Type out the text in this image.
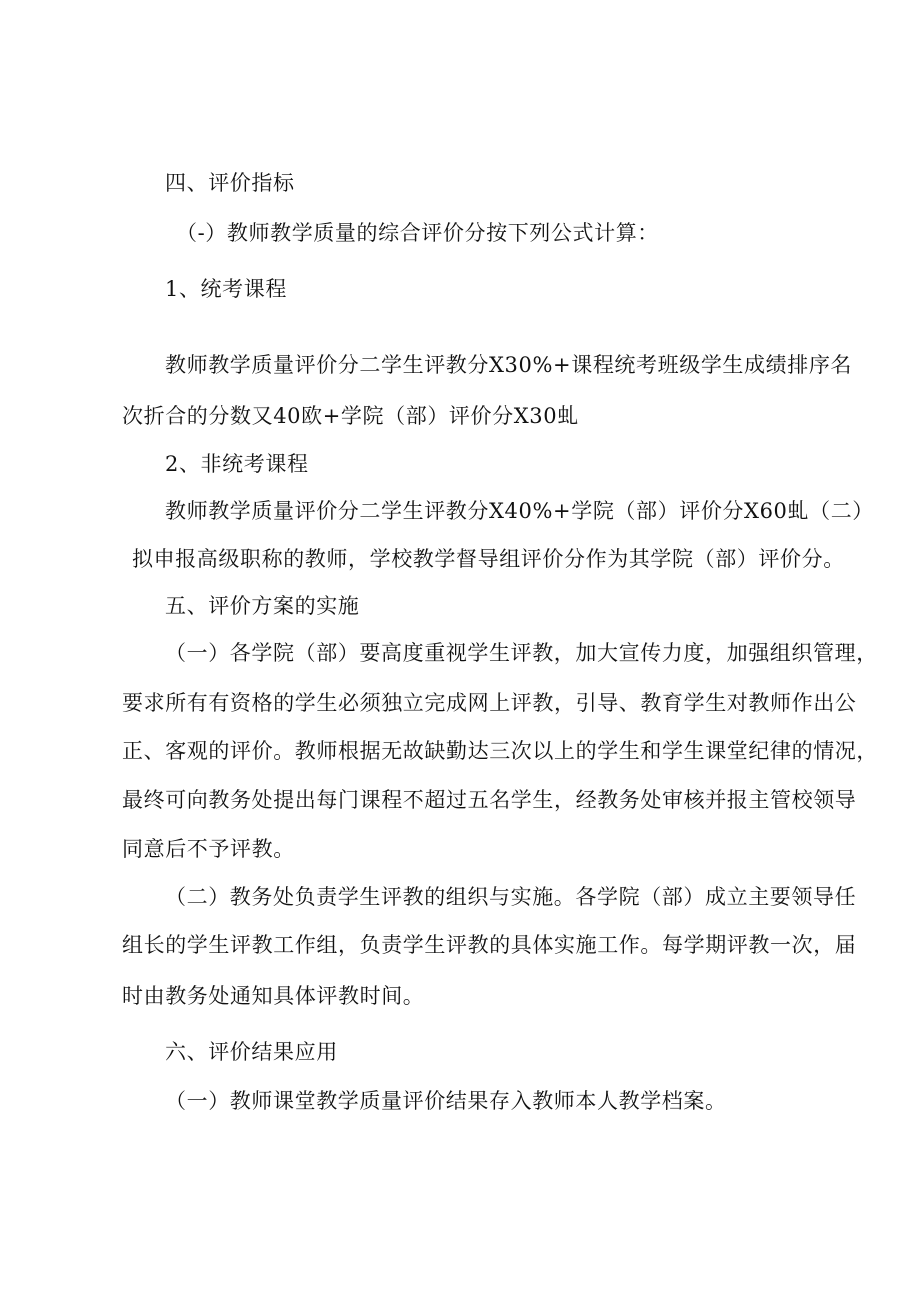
四、评价指标

（-）教师教学质量的综合评价分按下列公式计算：

1、统考课程

教师教学质量评价分二学生评教分X30%+课程统考班级学生成绩排序名

次折合的分数又40欧+学院（部）评价分X30虬

2、非统考课程

教师教学质量评价分二学生评教分X40%+学院（部）评价分X60虬（二）

拟申报高级职称的教师，学校教学督导组评价分作为其学院（部）评价分。

五、评价方案的实施

（一）各学院（部）要高度重视学生评教，加大宣传力度，加强组织管理，

要求所有有资格的学生必须独立完成网上评教，引导、教育学生对教师作出公

正、客观的评价。教师根据无故缺勤达三次以上的学生和学生课堂纪律的情况，

最终可向教务处提出每门课程不超过五名学生，经教务处审核并报主管校领导

同意后不予评教。

（二）教务处负责学生评教的组织与实施。各学院（部）成立主要领导任

组长的学生评教工作组，负责学生评教的具体实施工作。每学期评教一次，届

时由教务处通知具体评教时间。

六、评价结果应用

（一）教师课堂教学质量评价结果存入教师本人教学档案。
